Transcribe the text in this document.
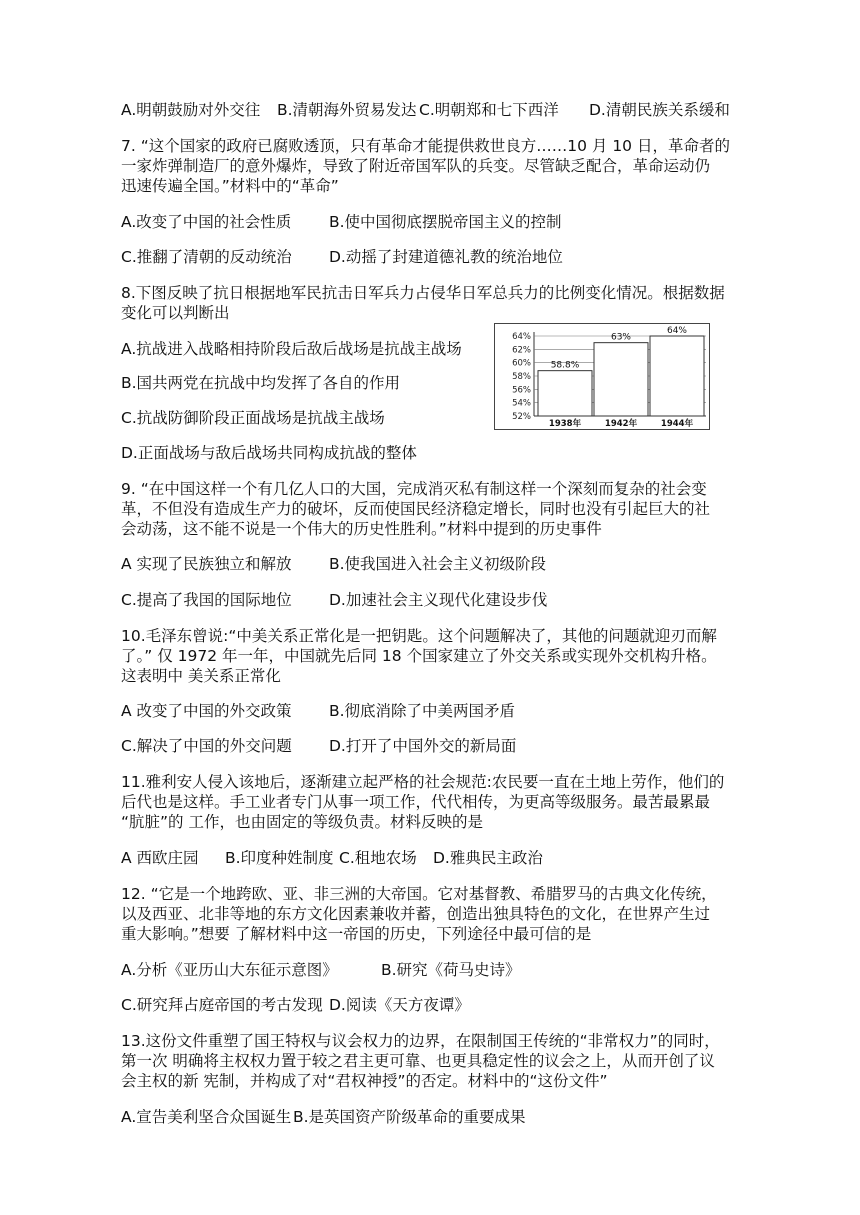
A.明朝鼓励对外交往 B.清朝海外贸易发达 C.明朝郑和七下西洋 D.清朝民族关系缓和
7. “这个国家的政府已腐败透顶，只有革命才能提供救世良方……10 月 10 日，革命者的
一家炸弹制造厂的意外爆炸，导致了附近帝国军队的兵变。尽管缺乏配合，革命运动仍
迅速传遍全国。”材料中的“革命”
A.改变了中国的社会性质 B.使中国彻底摆脱帝国主义的控制
C.推翻了清朝的反动统治 D.动摇了封建道德礼教的统治地位
8.下图反映了抗日根据地军民抗击日军兵力占侵华日军总兵力的比例变化情况。根据数据
变化可以判断出
A.抗战进入战略相持阶段后敌后战场是抗战主战场
B.国共两党在抗战中均发挥了各自的作用
C.抗战防御阶段正面战场是抗战主战场
D.正面战场与敌后战场共同构成抗战的整体
52%
54%
56%
58%
60%
62%
64%
58.8%
63%
64%
1938年	1942年	1944年
9. “在中国这样一个有几亿人口的大国，完成消灭私有制这样一个深刻而复杂的社会变
革，不但没有造成生产力的破坏，反而使国民经济稳定增长，同时也没有引起巨大的社
会动荡，这不能不说是一个伟大的历史性胜利。”材料中提到的历史事件
A 实现了民族独立和解放 B.使我国进入社会主义初级阶段
C.提高了我国的国际地位 D.加速社会主义现代化建设步伐
10.毛泽东曾说:“中美关系正常化是一把钥匙。这个问题解决了，其他的问题就迎刃而解
了。” 仅 1972 年一年，中国就先后同 18 个国家建立了外交关系或实现外交机构升格。
这表明中 美关系正常化
A 改变了中国的外交政策 B.彻底消除了中美两国矛盾
C.解决了中国的外交问题 D.打开了中国外交的新局面
11.雅利安人侵入该地后，逐渐建立起严格的社会规范:农民要一直在土地上劳作，他们的
后代也是这样。手工业者专门从事一项工作，代代相传，为更高等级服务。最苦最累最
“肮脏”的 工作，也由固定的等级负责。材料反映的是
A 西欧庄园 B.印度种姓制度 C.租地农场 D.雅典民主政治
12. “它是一个地跨欧、亚、非三洲的大帝国。它对基督教、希腊罗马的古典文化传统，
以及西亚、北非等地的东方文化因素兼收并蓄，创造出独具特色的文化，在世界产生过
重大影响。”想要 了解材料中这一帝国的历史，下列途径中最可信的是
A.分析《亚历山大东征示意图》	B.研究《荷马史诗》
C.研究拜占庭帝国的考古发现 D.阅读《天方夜谭》
13.这份文件重塑了国王特权与议会权力的边界，在限制国王传统的“非常权力”的同时，
第一次 明确将主权权力置于较之君主更可靠、也更具稳定性的议会之上，从而开创了议
会主权的新 宪制，并构成了对“君权神授”的否定。材料中的“这份文件”
A.宣告美利坚合众国诞生 B.是英国资产阶级革命的重要成果
